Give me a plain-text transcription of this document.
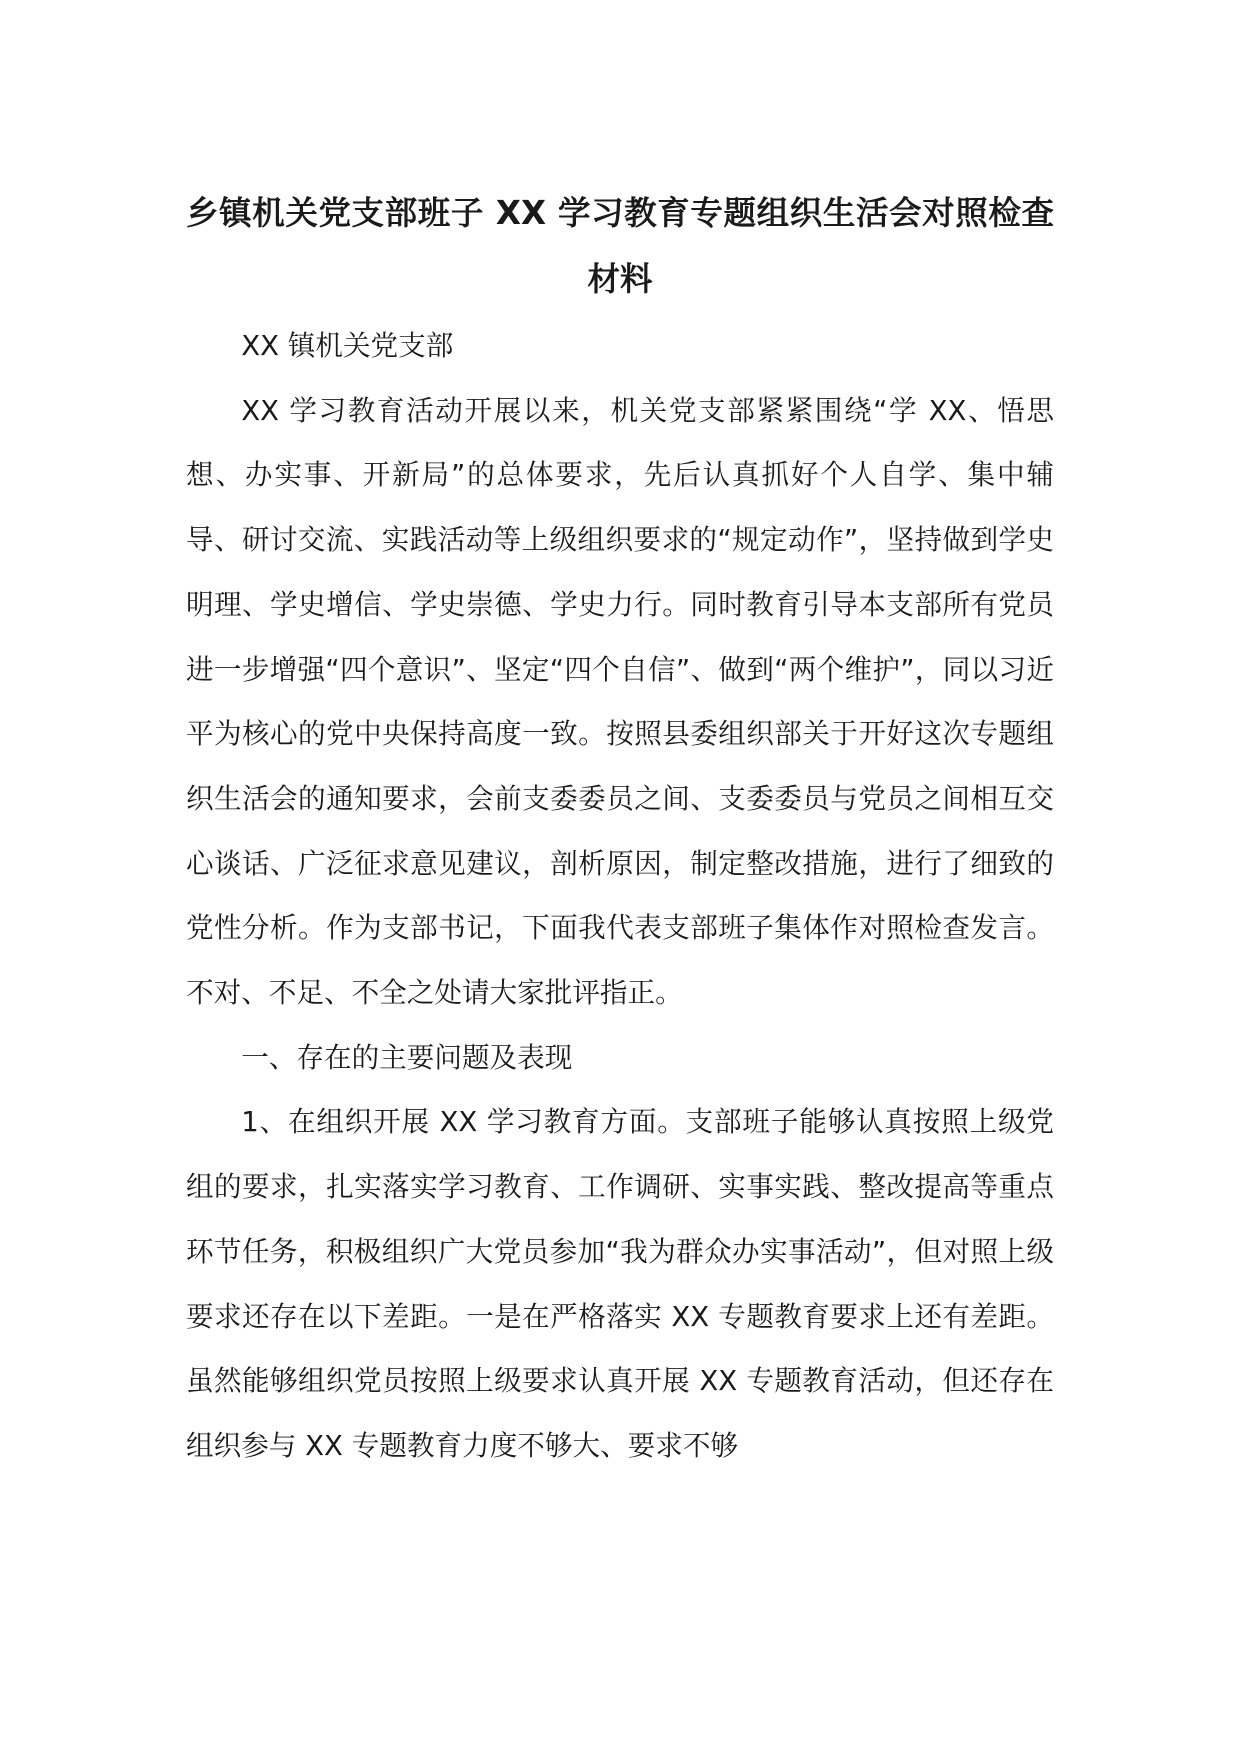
乡镇机关党支部班子 XX 学习教育专题组织生活会对照检查材料

XX 镇机关党支部

XX 学习教育活动开展以来，机关党支部紧紧围绕“学 XX、悟思想、办实事、开新局”的总体要求，先后认真抓好个人自学、集中辅导、研讨交流、实践活动等上级组织要求的“规定动作”，坚持做到学史明理、学史增信、学史崇德、学史力行。同时教育引导本支部所有党员进一步增强“四个意识”、坚定“四个自信”、做到“两个维护”，同以习近平为核心的党中央保持高度一致。按照县委组织部关于开好这次专题组织生活会的通知要求，会前支委委员之间、支委委员与党员之间相互交心谈话、广泛征求意见建议，剖析原因，制定整改措施，进行了细致的党性分析。作为支部书记，下面我代表支部班子集体作对照检查发言。不对、不足、不全之处请大家批评指正。

一、存在的主要问题及表现

1、在组织开展 XX 学习教育方面。支部班子能够认真按照上级党组的要求，扎实落实学习教育、工作调研、实事实践、整改提高等重点环节任务，积极组织广大党员参加“我为群众办实事活动”，但对照上级要求还存在以下差距。一是在严格落实 XX 专题教育要求上还有差距。虽然能够组织党员按照上级要求认真开展 XX 专题教育活动，但还存在组织参与 XX 专题教育力度不够大、要求不够
